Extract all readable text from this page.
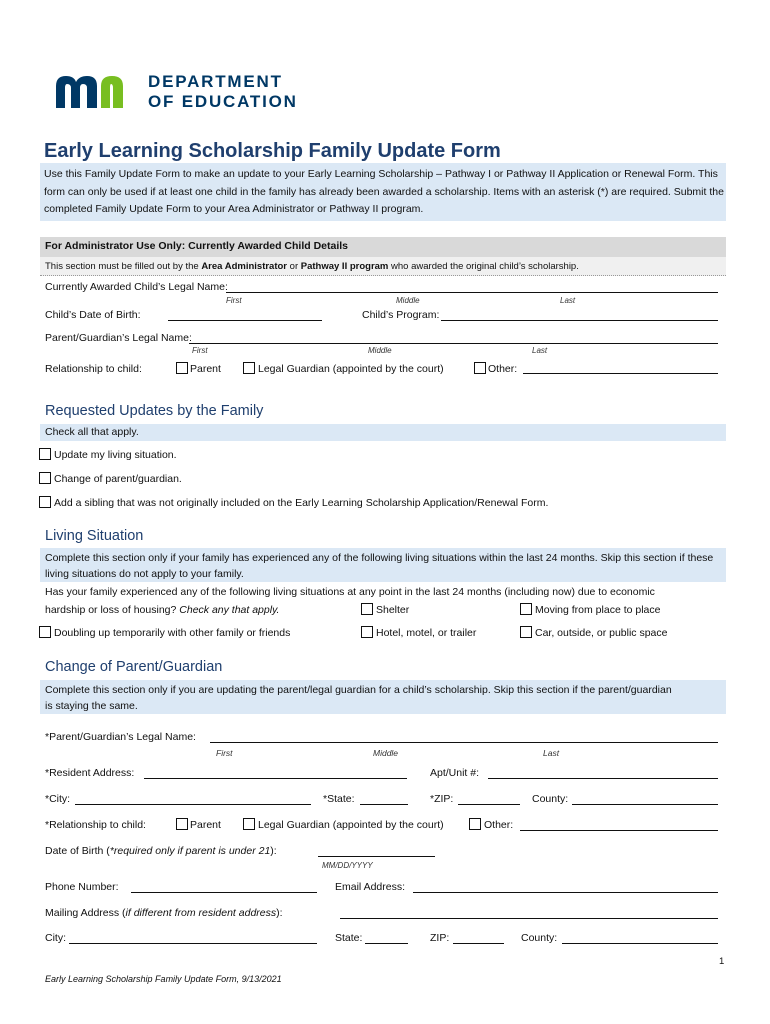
DEPARTMENT
OF EDUCATION
Early Learning Scholarship Family Update Form
Use this Family Update Form to make an update to your Early Learning Scholarship – Pathway I or Pathway II Application or Renewal Form. This form can only be used if at least one child in the family has already been awarded a scholarship. Items with an asterisk (*) are required. Submit the completed Family Update Form to your Area Administrator or Pathway II program.
For Administrator Use Only: Currently Awarded Child Details
This section must be filled out by the Area Administrator or Pathway II program who awarded the original child’s scholarship.
Currently Awarded Child’s Legal Name:
First	Middle	Last
Child’s Date of Birth:	Child’s Program:
Parent/Guardian’s Legal Name:
First	Middle	Last
Relationship to child:	Parent	Legal Guardian (appointed by the court)	Other:
Requested Updates by the Family
Check all that apply.
Update my living situation.
Change of parent/guardian.
Add a sibling that was not originally included on the Early Learning Scholarship Application/Renewal Form.
Living Situation
Complete this section only if your family has experienced any of the following living situations within the last 24 months. Skip this section if these living situations do not apply to your family.
Has your family experienced any of the following living situations at any point in the last 24 months (including now) due to economic
hardship or loss of housing? Check any that apply.	Shelter	Moving from place to place
Doubling up temporarily with other family or friends	Hotel, motel, or trailer	Car, outside, or public space
Change of Parent/Guardian
Complete this section only if you are updating the parent/legal guardian for a child’s scholarship. Skip this section if the parent/guardian is staying the same.
*Parent/Guardian’s Legal Name:
First	Middle	Last
*Resident Address:	Apt/Unit #:
*City:	*State:	*ZIP:	County:
*Relationship to child:	Parent	Legal Guardian (appointed by the court)	Other:
Date of Birth (*required only if parent is under 21):
MM/DD/YYYY
Phone Number:	Email Address:
Mailing Address (if different from resident address):
City:	State:	ZIP:	County:
1
Early Learning Scholarship Family Update Form, 9/13/2021
